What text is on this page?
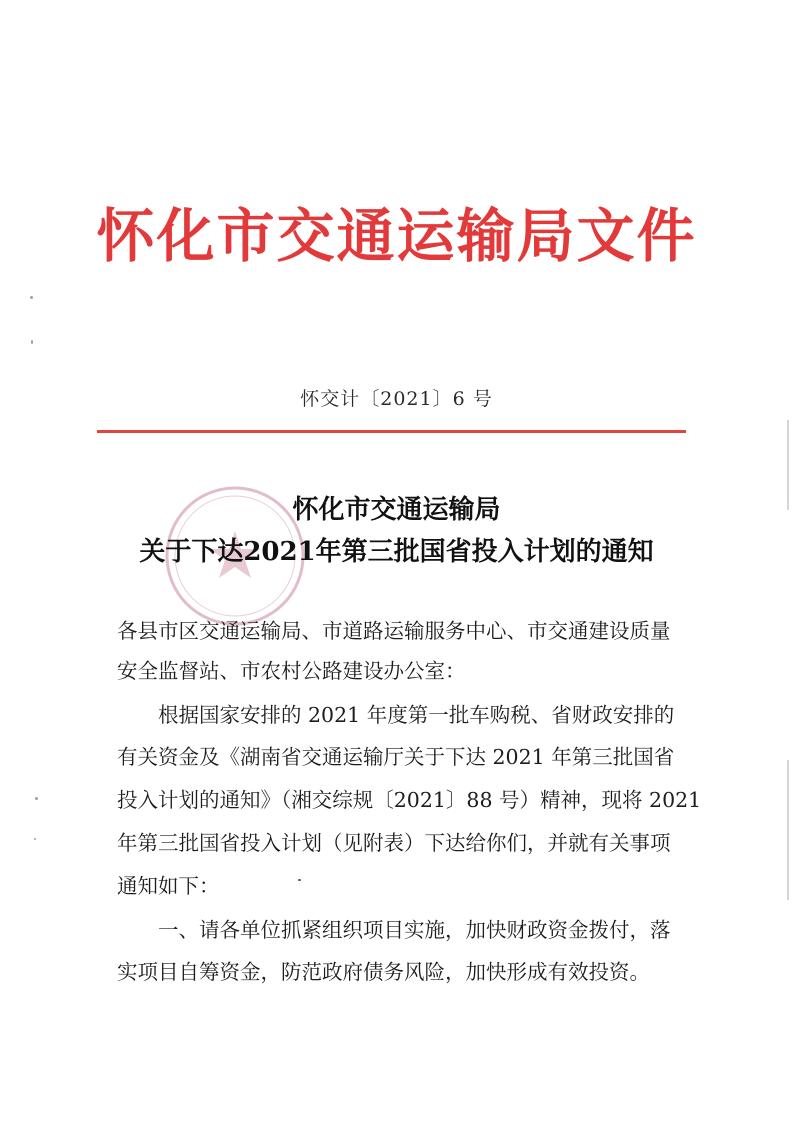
怀化市交通运输局文件
怀交计〔2021〕6 号
怀化市交通运输局
关于下达2021年第三批国省投入计划的通知
各县市区交通运输局、市道路运输服务中心、市交通建设质量
安全监督站、市农村公路建设办公室：
　　根据国家安排的 2021 年度第一批车购税、省财政安排的
有关资金及《湖南省交通运输厅关于下达 2021 年第三批国省
投入计划的通知》（湘交综规〔2021〕88 号）精神，现将 2021
年第三批国省投入计划（见附表）下达给你们，并就有关事项
通知如下：
　　一、请各单位抓紧组织项目实施，加快财政资金拨付，落
实项目自筹资金，防范政府债务风险，加快形成有效投资。
